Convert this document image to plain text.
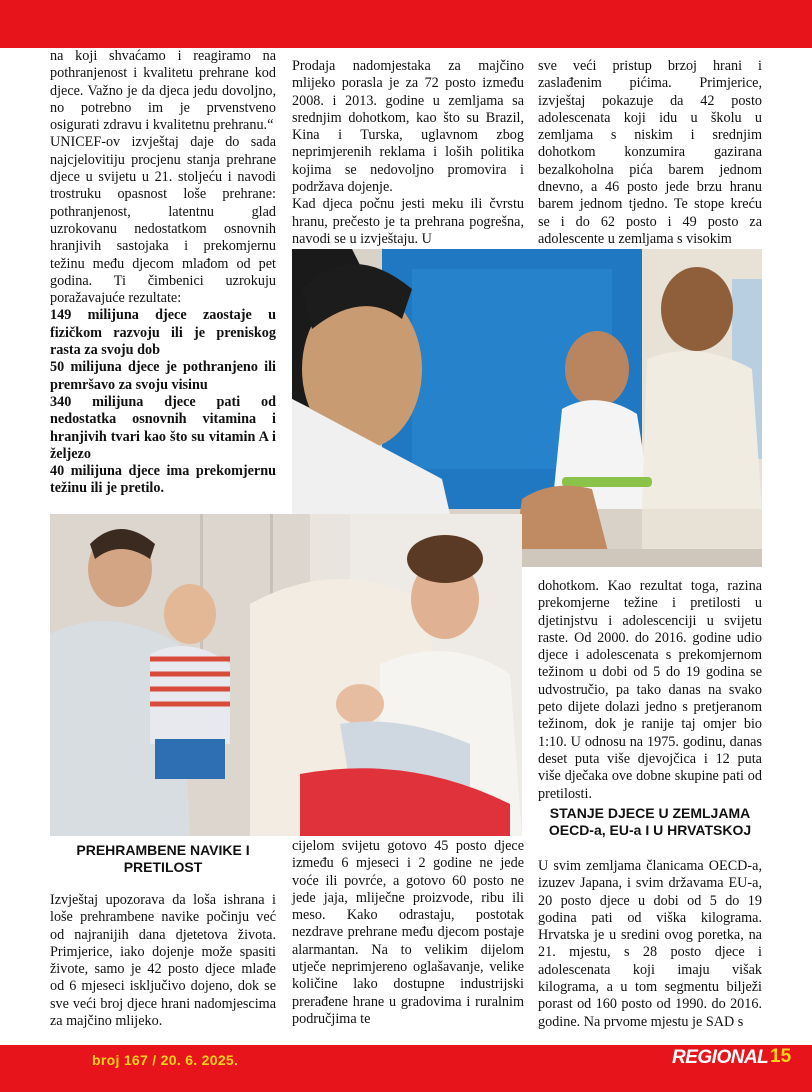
na koji shvaćamo i reagiramo na pothranjenost i kvalitetu prehrane kod djece. Važno je da djeca jedu dovoljno, no potrebno im je prvenstveno osigurati zdravu i kvalitetnu prehranu.“

UNICEF-ov izvještaj daje do sada najcjelovitiju procjenu stanja prehrane djece u svijetu u 21. stoljeću i navodi trostruku opasnost loše prehrane: pothranjenost, latentnu glad uzrokovanu nedostatkom osnovnih hranjivih sastojaka i prekomjernu težinu među djecom mlađom od pet godina. Ti čimbenici uzrokuju poražavajuće rezultate:

149 milijuna djece zaostaje u fizičkom razvoju ili je preniskog rasta za svoju dob

50 milijuna djece je pothranjeno ili premršavo za svoju visinu

340 milijuna djece pati od nedostatka osnovnih vitamina i hranjivih tvari kao što su vitamin A i željezo

40 milijuna djece ima prekomjernu težinu ili je pretilo.

Prodaja nadomjestaka za majčino mlijeko porasla je za 72 posto između 2008. i 2013. godine u zemljama sa srednjim dohotkom, kao što su Brazil, Kina i Turska, uglavnom zbog neprimjerenih reklama i loših politika kojima se nedovoljno promovira i podržava dojenje.

Kad djeca počnu jesti meku ili čvrstu hranu, prečesto je ta prehrana pogrešna, navodi se u izvještaju. U

sve veći pristup brzoj hrani i zaslađenim pićima. Primjerice, izvještaj pokazuje da 42 posto adolescenata koji idu u školu u zemljama s niskim i srednjim dohotkom konzumira gazirana bezalkoholna pića barem jednom dnevno, a 46 posto jede brzu hranu barem jednom tjedno. Te stope kreću se i do 62 posto i 49 posto za adolescente u zemljama s visokim

dohotkom. Kao rezultat toga, razina prekomjerne težine i pretilosti u djetinjstvu i adolescenciji u svijetu raste. Od 2000. do 2016. godine udio djece i adolescenata s prekomjernom težinom u dobi od 5 do 19 godina se udvostručio, pa tako danas na svako peto dijete dolazi jedno s pretjeranom težinom, dok je ranije taj omjer bio 1:10. U odnosu na 1975. godinu, danas deset puta više djevojčica i 12 puta više dječaka ove dobne skupine pati od pretilosti.

STANJE DJECE U ZEMLJAMA OECD-a, EU-a I U HRVATSKOJ

U svim zemljama članicama OECD-a, izuzev Japana, i svim državama EU-a, 20 posto djece u dobi od 5 do 19 godina pati od viška kilograma. Hrvatska je u sredini ovog poretka, na 21. mjestu, s 28 posto djece i adolescenata koji imaju višak kilograma, a u tom segmentu bilježi porast od 160 posto od 1990. do 2016. godine. Na prvome mjestu je SAD s

PREHRAMBENE NAVIKE I PRETILOST

Izvještaj upozorava da loša ishrana i loše prehrambene navike počinju već od najranijih dana djetetova života. Primjerice, iako dojenje može spasiti živote, samo je 42 posto djece mlađe od 6 mjeseci isključivo dojeno, dok se sve veći broj djece hrani nadomjescima za majčino mlijeko.

cijelom svijetu gotovo 45 posto djece između 6 mjeseci i 2 godine ne jede voće ili povrće, a gotovo 60 posto ne jede jaja, mliječne proizvode, ribu ili meso. Kako odrastaju, postotak nezdrave prehrane među djecom postaje alarmantan. Na to velikim dijelom utječe neprimjereno oglašavanje, velike količine lako dostupne industrijski prerađene hrane u gradovima i ruralnim područjima te

broj 167 / 20. 6. 2025.	REGIONAL 15
